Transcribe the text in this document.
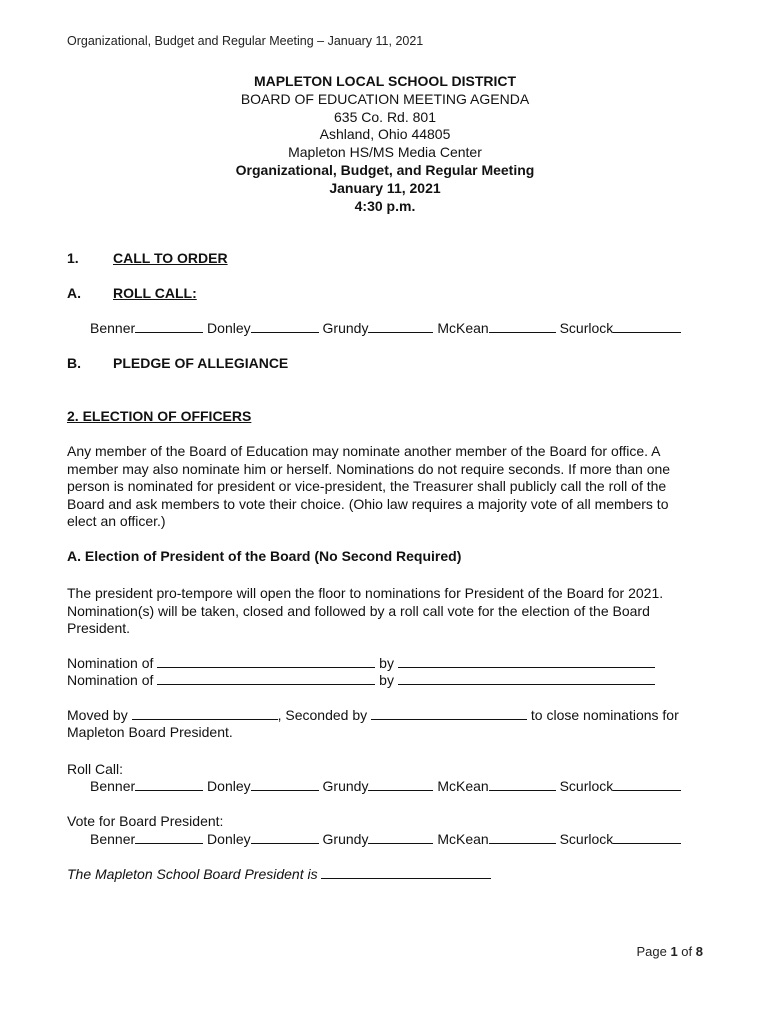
Organizational, Budget and Regular Meeting – January 11, 2021
MAPLETON LOCAL SCHOOL DISTRICT
BOARD OF EDUCATION MEETING AGENDA
635 Co. Rd. 801
Ashland, Ohio 44805
Mapleton HS/MS Media Center
Organizational, Budget, and Regular Meeting
January 11, 2021
4:30 p.m.
1. CALL TO ORDER
A. ROLL CALL:
Benner	Donley	Grundy	McKean	Scurlock
B. PLEDGE OF ALLEGIANCE
2. ELECTION OF OFFICERS
Any member of the Board of Education may nominate another member of the Board for office. A member may also nominate him or herself. Nominations do not require seconds. If more than one person is nominated for president or vice-president, the Treasurer shall publicly call the roll of the Board and ask members to vote their choice. (Ohio law requires a majority vote of all members to elect an officer.)
A. Election of President of the Board (No Second Required)
The president pro-tempore will open the floor to nominations for President of the Board for 2021. Nomination(s) will be taken, closed and followed by a roll call vote for the election of the Board President.
Nomination of	by
Nomination of	by
Moved by	, Seconded by	to close nominations for
Mapleton Board President.
Roll Call:
Benner	Donley	Grundy	McKean	Scurlock
Vote for Board President:
Benner	Donley	Grundy	McKean	Scurlock
The Mapleton School Board President is
Page 1 of 8
